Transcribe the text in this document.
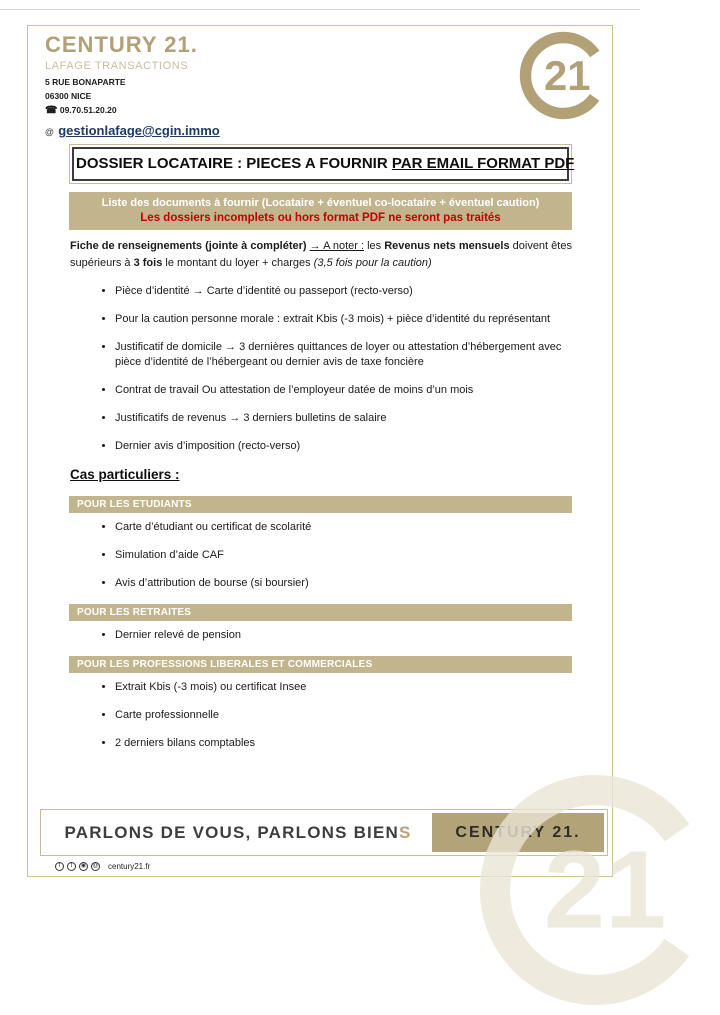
CENTURY 21.
LAFAGE TRANSACTIONS
5 RUE BONAPARTE
06300 NICE
☎ 09.70.51.20.20
@ gestionlafage@cgin.immo
21
DOSSIER LOCATAIRE : PIECES A FOURNIR PAR EMAIL FORMAT PDF
Liste des documents à fournir (Locataire + éventuel co-locataire + éventuel caution)
Les dossiers incomplets ou hors format PDF ne seront pas traités

Fiche de renseignements (jointe à compléter) → A noter : les Revenus nets mensuels doivent êtes supérieurs à 3 fois le montant du loyer + charges (3,5 fois pour la caution)

• Pièce d’identité → Carte d’identité ou passeport (recto-verso)
• Pour la caution personne morale : extrait Kbis (-3 mois) + pièce d’identité du représentant
• Justificatif de domicile → 3 dernières quittances de loyer ou attestation d’hébergement avec pièce d’identité de l’hébergeant ou dernier avis de taxe foncière
• Contrat de travail Ou attestation de l’employeur datée de moins d’un mois
• Justificatifs de revenus → 3 derniers bulletins de salaire
• Dernier avis d’imposition (recto-verso)
Cas particuliers :
POUR LES ETUDIANTS
• Carte d’étudiant ou certificat de scolarité
• Simulation d’aide CAF
• Avis d’attribution de bourse (si boursier)
POUR LES RETRAITES
• Dernier relevé de pension
POUR LES PROFESSIONS LIBERALES ET COMMERCIALES
• Extrait Kbis (-3 mois) ou certificat Insee
• Carte professionnelle
• 2 derniers bilans comptables
PARLONS DE VOUS, PARLONS BIEN S	CENTURY 21.
f	t	◉	@ century21.fr	21
